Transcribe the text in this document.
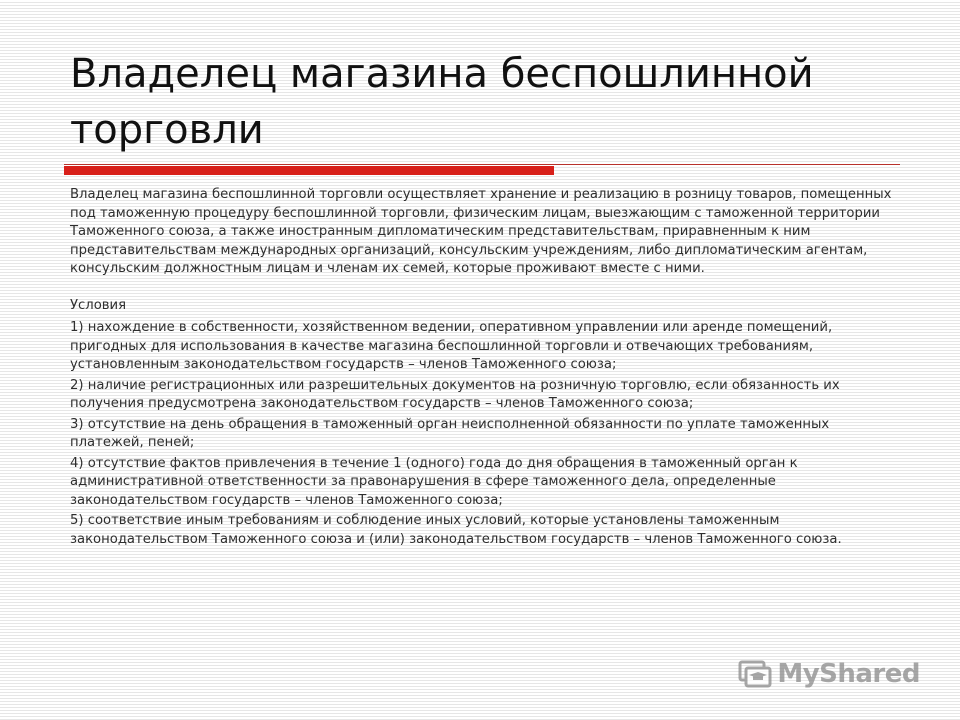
Владелец магазина беспошлинной торговли

Владелец магазина беспошлинной торговли осуществляет хранение и реализацию в розницу товаров, помещенных под таможенную процедуру беспошлинной торговли, физическим лицам, выезжающим с таможенной территории Таможенного союза, а также иностранным дипломатическим представительствам, приравненным к ним представительствам международных организаций, консульским учреждениям, либо дипломатическим агентам, консульским должностным лицам и членам их семей, которые проживают вместе с ними.

Условия

1) нахождение в собственности, хозяйственном ведении, оперативном управлении или аренде помещений, пригодных для использования в качестве магазина беспошлинной торговли и отвечающих требованиям, установленным законодательством государств – членов Таможенного союза;

2) наличие регистрационных или разрешительных документов на розничную торговлю, если обязанность их получения предусмотрена законодательством государств – членов Таможенного союза;

3) отсутствие на день обращения в таможенный орган неисполненной обязанности по уплате таможенных платежей, пеней;

4) отсутствие фактов привлечения в течение 1 (одного) года до дня обращения в таможенный орган к административной ответственности за правонарушения в сфере таможенного дела, определенные законодательством государств – членов Таможенного союза;

5) соответствие иным требованиям и соблюдение иных условий, которые установлены таможенным законодательством Таможенного союза и (или) законодательством государств – членов Таможенного союза.

MyShared
